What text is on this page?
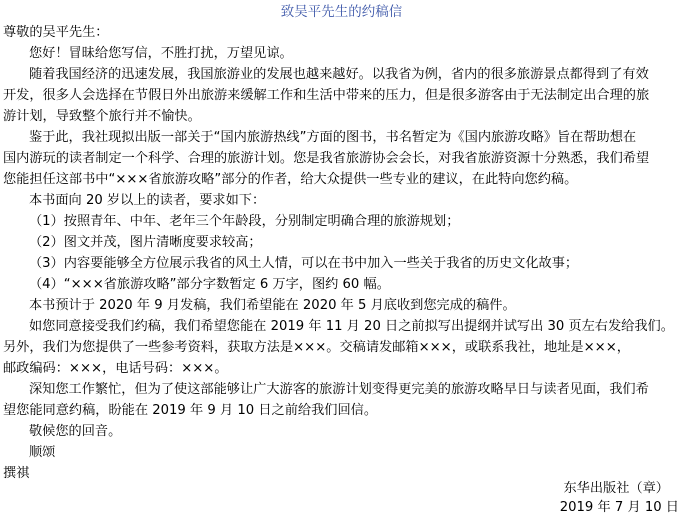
致吴平先生的约稿信
尊敬的吴平先生：
您好！冒昧给您写信，不胜打扰，万望见谅。
随着我国经济的迅速发展，我国旅游业的发展也越来越好。以我省为例，省内的很多旅游景点都得到了有效
开发，很多人会选择在节假日外出旅游来缓解工作和生活中带来的压力，但是很多游客由于无法制定出合理的旅
游计划，导致整个旅行并不愉快。
鉴于此，我社现拟出版一部关于“国内旅游热线”方面的图书，书名暂定为《国内旅游攻略》旨在帮助想在
国内游玩的读者制定一个科学、合理的旅游计划。您是我省旅游协会会长，对我省旅游资源十分熟悉，我们希望
您能担任这部书中“×××省旅游攻略”部分的作者，给大众提供一些专业的建议，在此特向您约稿。
本书面向 20 岁以上的读者，要求如下：
（1）按照青年、中年、老年三个年龄段，分别制定明确合理的旅游规划；
（2）图文并茂，图片清晰度要求较高；
（3）内容要能够全方位展示我省的风土人情，可以在书中加入一些关于我省的历史文化故事；
（4）“×××省旅游攻略”部分字数暂定 6 万字，图约 60 幅。
本书预计于 2020 年 9 月发稿，我们希望能在 2020 年 5 月底收到您完成的稿件。
如您同意接受我们约稿，我们希望您能在 2019 年 11 月 20 日之前拟写出提纲并试写出 30 页左右发给我们。
另外，我们为您提供了一些参考资料，获取方法是×××。交稿请发邮箱×××，或联系我社，地址是×××，
邮政编码：×××，电话号码：×××。
深知您工作繁忙，但为了使这部能够让广大游客的旅游计划变得更完美的旅游攻略早日与读者见面，我们希
望您能同意约稿，盼能在 2019 年 9 月 10 日之前给我们回信。
敬候您的回音。
顺颂
撰祺
东华出版社（章）
2019 年 7 月 10 日
